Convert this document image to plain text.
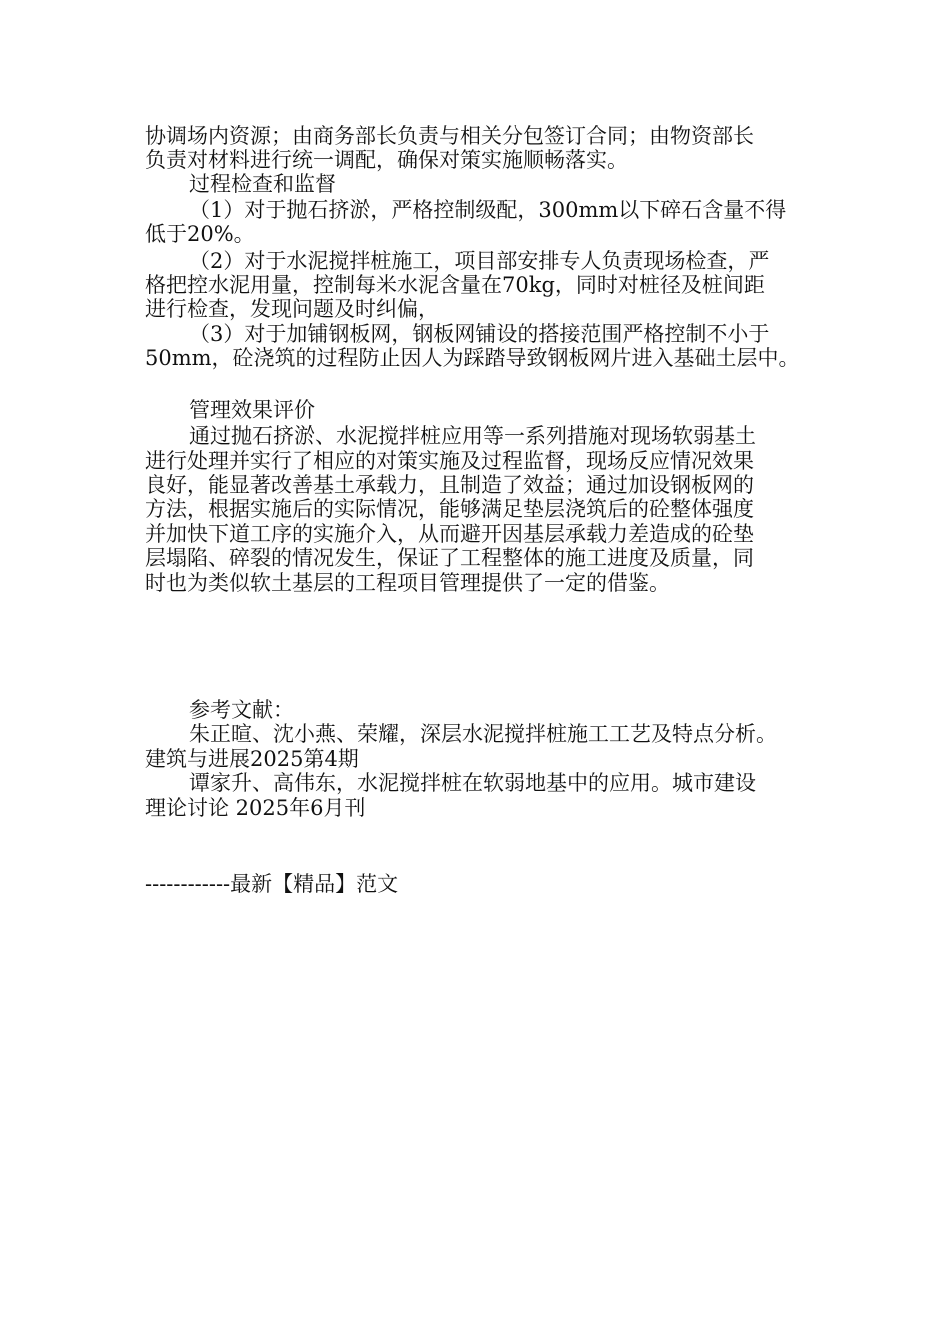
协调场内资源；由商务部长负责与相关分包签订合同；由物资部长
负责对材料进行统一调配，确保对策实施顺畅落实。
过程检查和监督
（1）对于抛石挤淤，严格控制级配，300mm以下碎石含量不得
低于20%。
（2）对于水泥搅拌桩施工，项目部安排专人负责现场检查，严
格把控水泥用量，控制每米水泥含量在70kg，同时对桩径及桩间距
进行检查，发现问题及时纠偏，
（3）对于加铺钢板网，钢板网铺设的搭接范围严格控制不小于
50mm，砼浇筑的过程防止因人为踩踏导致钢板网片进入基础土层中。
管理效果评价
通过抛石挤淤、水泥搅拌桩应用等一系列措施对现场软弱基土
进行处理并实行了相应的对策实施及过程监督，现场反应情况效果
良好，能显著改善基土承载力，且制造了效益；通过加设钢板网的
方法，根据实施后的实际情况，能够满足垫层浇筑后的砼整体强度
并加快下道工序的实施介入，从而避开因基层承载力差造成的砼垫
层塌陷、碎裂的情况发生，保证了工程整体的施工进度及质量，同
时也为类似软土基层的工程项目管理提供了一定的借鉴。
参考文献：
朱正暄、沈小燕、荣耀，深层水泥搅拌桩施工工艺及特点分析。
建筑与进展2025第4期
谭家升、高伟东，水泥搅拌桩在软弱地基中的应用。城市建设
理论讨论 2025年6月刊
------------最新【精品】范文
